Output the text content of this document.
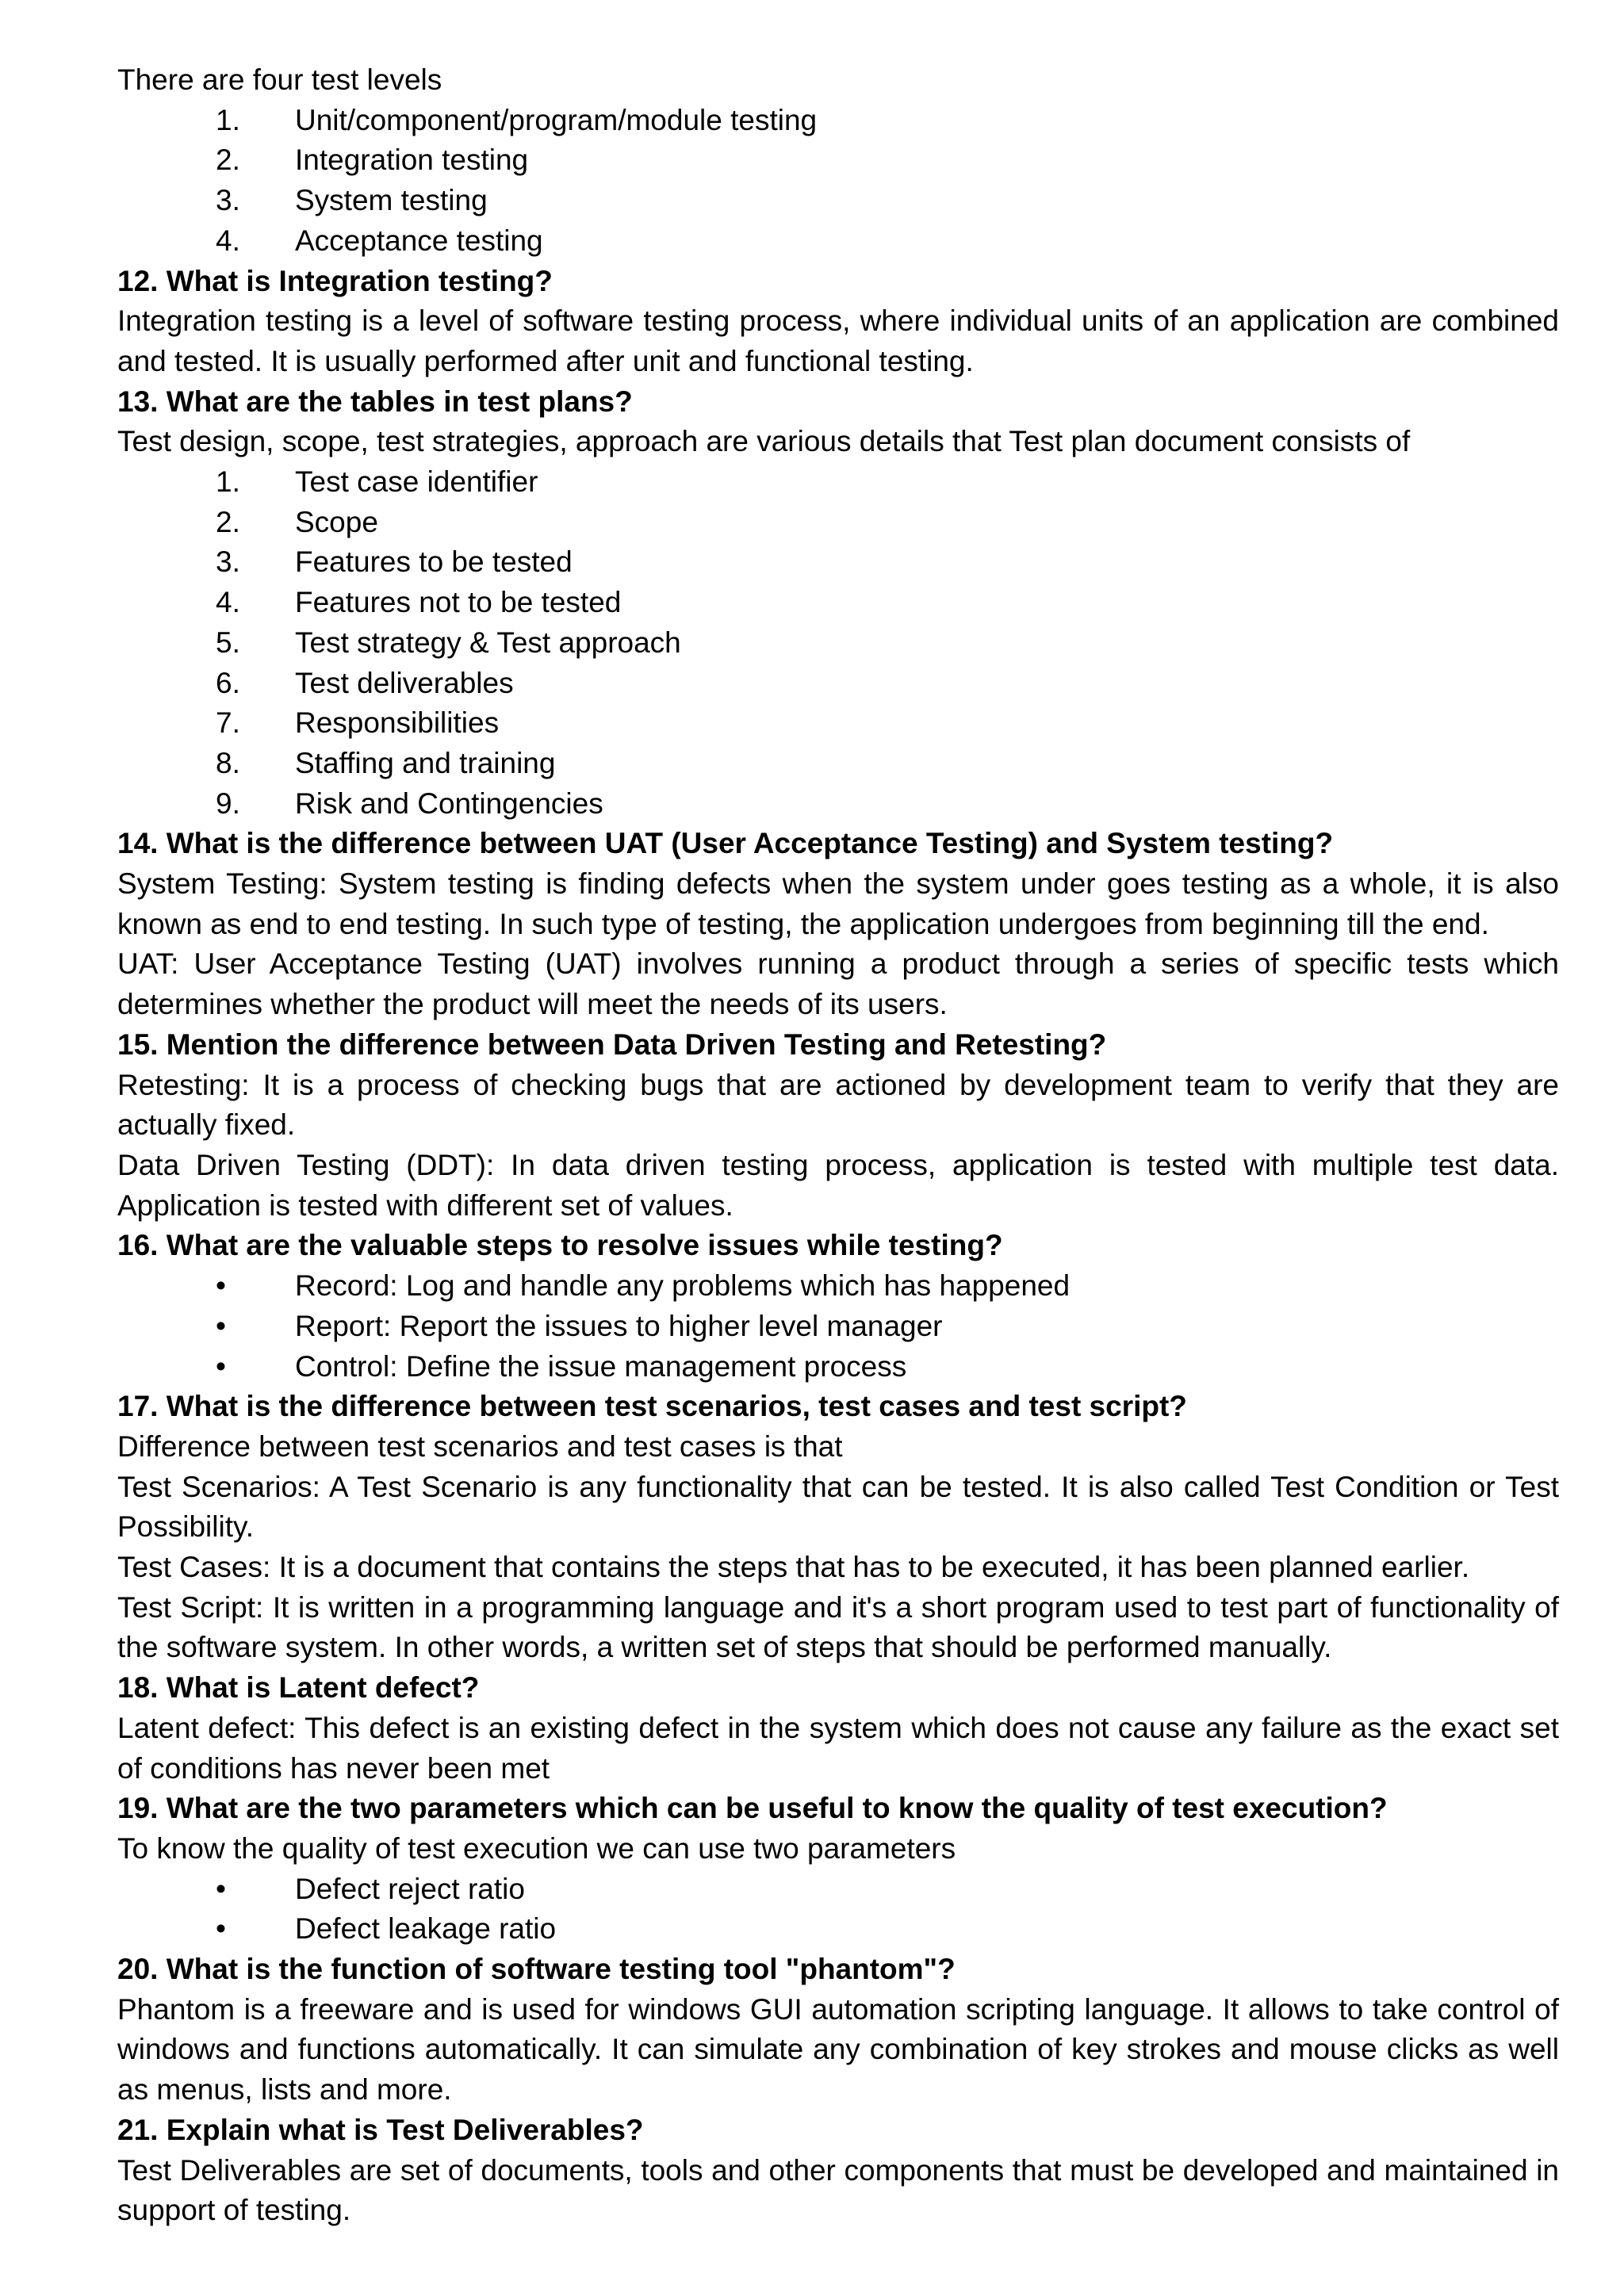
There are four test levels
1.	Unit/component/program/module testing
2.	Integration testing
3.	System testing
4.	Acceptance testing
12. What is Integration testing?
Integration testing is a level of software testing process, where individual units of an application are combined and tested. It is usually performed after unit and functional testing.
13. What are the tables in test plans?
Test design, scope, test strategies, approach are various details that Test plan document consists of
1.	Test case identifier
2.	Scope
3.	Features to be tested
4.	Features not to be tested
5.	Test strategy & Test approach
6.	Test deliverables
7.	Responsibilities
8.	Staffing and training
9.	Risk and Contingencies
14. What is the difference between UAT (User Acceptance Testing) and System testing?
System Testing: System testing is finding defects when the system under goes testing as a whole, it is also known as end to end testing. In such type of testing, the application undergoes from beginning till the end.
UAT: User Acceptance Testing (UAT) involves running a product through a series of specific tests which determines whether the product will meet the needs of its users.
15. Mention the difference between Data Driven Testing and Retesting?
Retesting: It is a process of checking bugs that are actioned by development team to verify that they are actually fixed.
Data Driven Testing (DDT): In data driven testing process, application is tested with multiple test data. Application is tested with different set of values.
16. What are the valuable steps to resolve issues while testing?
•	Record: Log and handle any problems which has happened
•	Report: Report the issues to higher level manager
•	Control: Define the issue management process
17. What is the difference between test scenarios, test cases and test script?
Difference between test scenarios and test cases is that
Test Scenarios: A Test Scenario is any functionality that can be tested. It is also called Test Condition or Test Possibility.
Test Cases: It is a document that contains the steps that has to be executed, it has been planned earlier.
Test Script: It is written in a programming language and it's a short program used to test part of functionality of the software system. In other words, a written set of steps that should be performed manually.
18. What is Latent defect?
Latent defect: This defect is an existing defect in the system which does not cause any failure as the exact set of conditions has never been met
19. What are the two parameters which can be useful to know the quality of test execution?
To know the quality of test execution we can use two parameters
•	Defect reject ratio
•	Defect leakage ratio
20. What is the function of software testing tool "phantom"?
Phantom is a freeware and is used for windows GUI automation scripting language. It allows to take control of windows and functions automatically. It can simulate any combination of key strokes and mouse clicks as well as menus, lists and more.
21. Explain what is Test Deliverables?
Test Deliverables are set of documents, tools and other components that must be developed and maintained in support of testing.
